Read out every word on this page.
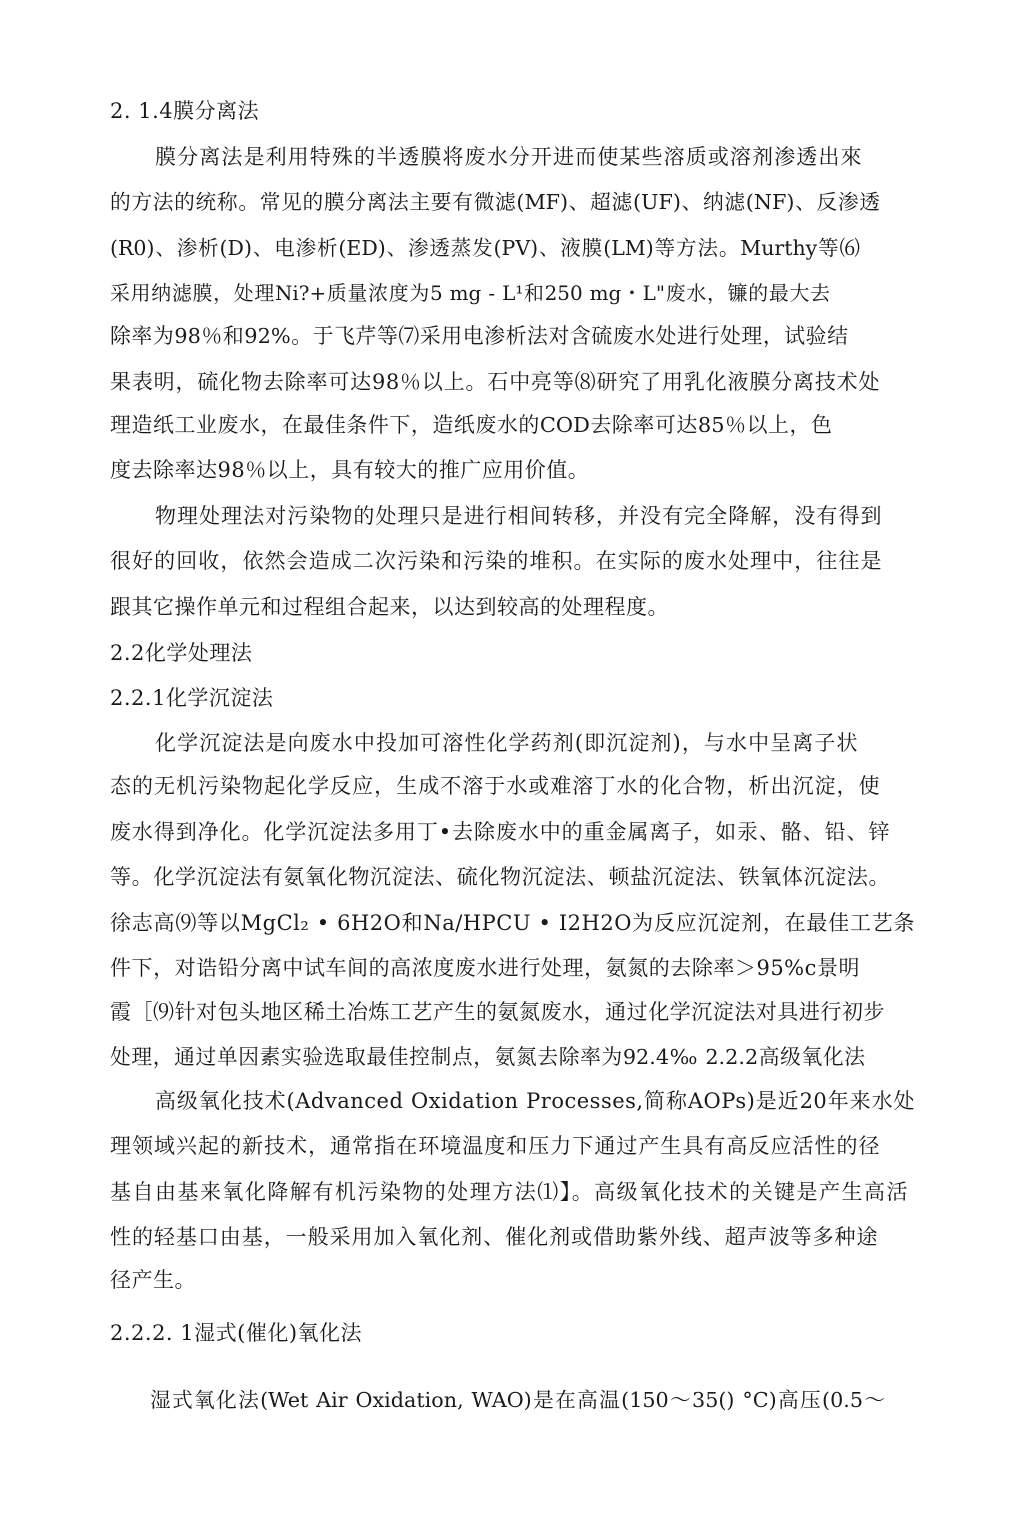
2. 1.4膜分离法
膜分离法是利用特殊的半透膜将废水分开进而使某些溶质或溶剂渗透出來
的方法的统称。常见的膜分离法主要有微滤(MF)、超滤(UF)、纳滤(NF)、反渗透
(R0)、渗析(D)、电渗析(ED)、渗透蒸发(PV)、液膜(LM)等方法。Murthy等⑹
采用纳滤膜，处理Ni?+质量浓度为5 mg - L¹和250 mg・L"废水，镰的最大去
除率为98％和92%。于飞芹等⑺采用电渗析法对含硫废水处进行处理，试验结
果表明，硫化物去除率可达98％以上。石中亮等⑻研究了用乳化液膜分离技术处
理造纸工业废水，在最佳条件下，造纸废水的COD去除率可达85％以上，色
度去除率达98％以上，具有较大的推广应用价值。
物理处理法对污染物的处理只是进行相间转移，并没有完全降解，没有得到
很好的回收，依然会造成二次污染和污染的堆积。在实际的废水处理中，往往是
跟其它操作单元和过程组合起来，以达到较高的处理程度。
2.2化学处理法
2.2.1化学沉淀法
化学沉淀法是向废水中投加可溶性化学药剂(即沉淀剂)，与水中呈离子状
态的无机污染物起化学反应，生成不溶于水或难溶丁水的化合物，析出沉淀，使
废水得到净化。化学沉淀法多用丁•去除废水中的重金属离子，如汞、骼、铅、锌
等。化学沉淀法有氨氧化物沉淀法、硫化物沉淀法、顿盐沉淀法、铁氧体沉淀法。
徐志高⑼等以MgCl₂ • 6H2O和Na/HPCU • I2H2O为反应沉淀剂，在最佳工艺条
件下，对诰铅分离中试车间的高浓度废水进行处理，氨氮的去除率＞95%c景明
霞［⑼针对包头地区稀土冶炼工艺产生的氨氮废水，通过化学沉淀法对具进行初步
处理，通过单因素实验选取最佳控制点，氨氮去除率为92.4‰ 2.2.2高级氧化法
高级氧化技术(Advanced Oxidation Processes,简称AOPs)是近20年来水处
理领域兴起的新技术，通常指在环境温度和压力下通过产生具有高反应活性的径
基自由基来氧化降解有机污染物的处理方法⑴】。高级氧化技术的关键是产生高活
性的轻基口由基，一般采用加入氧化剂、催化剂或借助紫外线、超声波等多种途
径产生。
2.2.2. 1湿式(催化)氧化法
湿式氧化法(Wet Air Oxidation, WAO)是在高温(150〜35() °C)高压(0.5〜
